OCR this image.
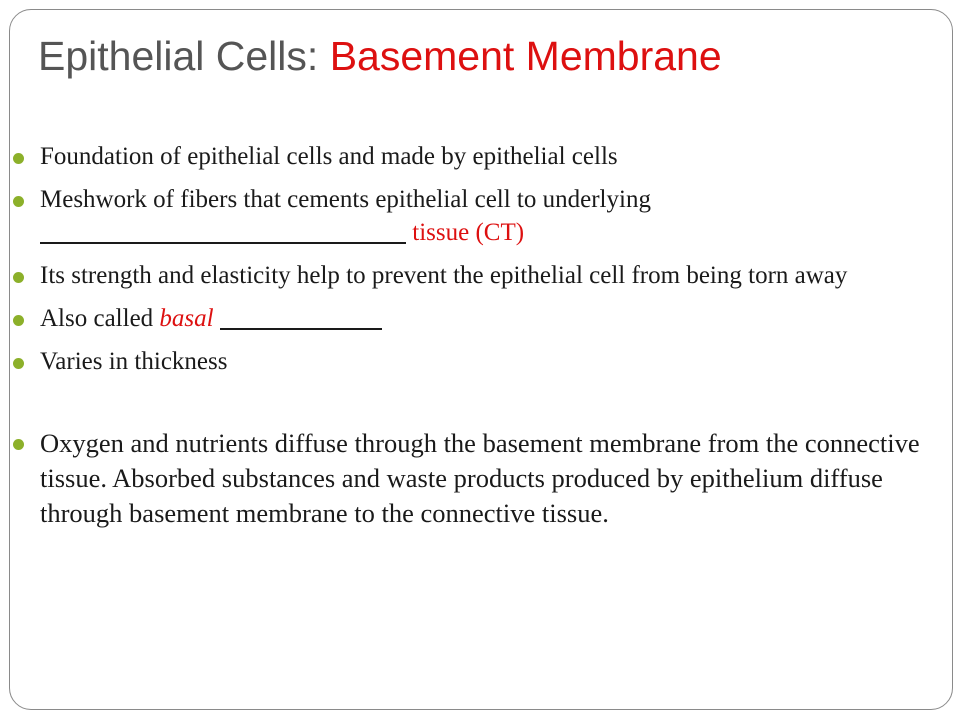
Epithelial Cells: Basement Membrane
Foundation of epithelial cells and made by epithelial cells
Meshwork of fibers that cements epithelial cell to underlying
tissue (CT)
Its strength and elasticity help to prevent the epithelial cell from being torn away
Also called basal
Varies in thickness
Oxygen and nutrients diffuse through the basement membrane from the connective tissue. Absorbed substances and waste products produced by epithelium diffuse through basement membrane to the connective tissue.
